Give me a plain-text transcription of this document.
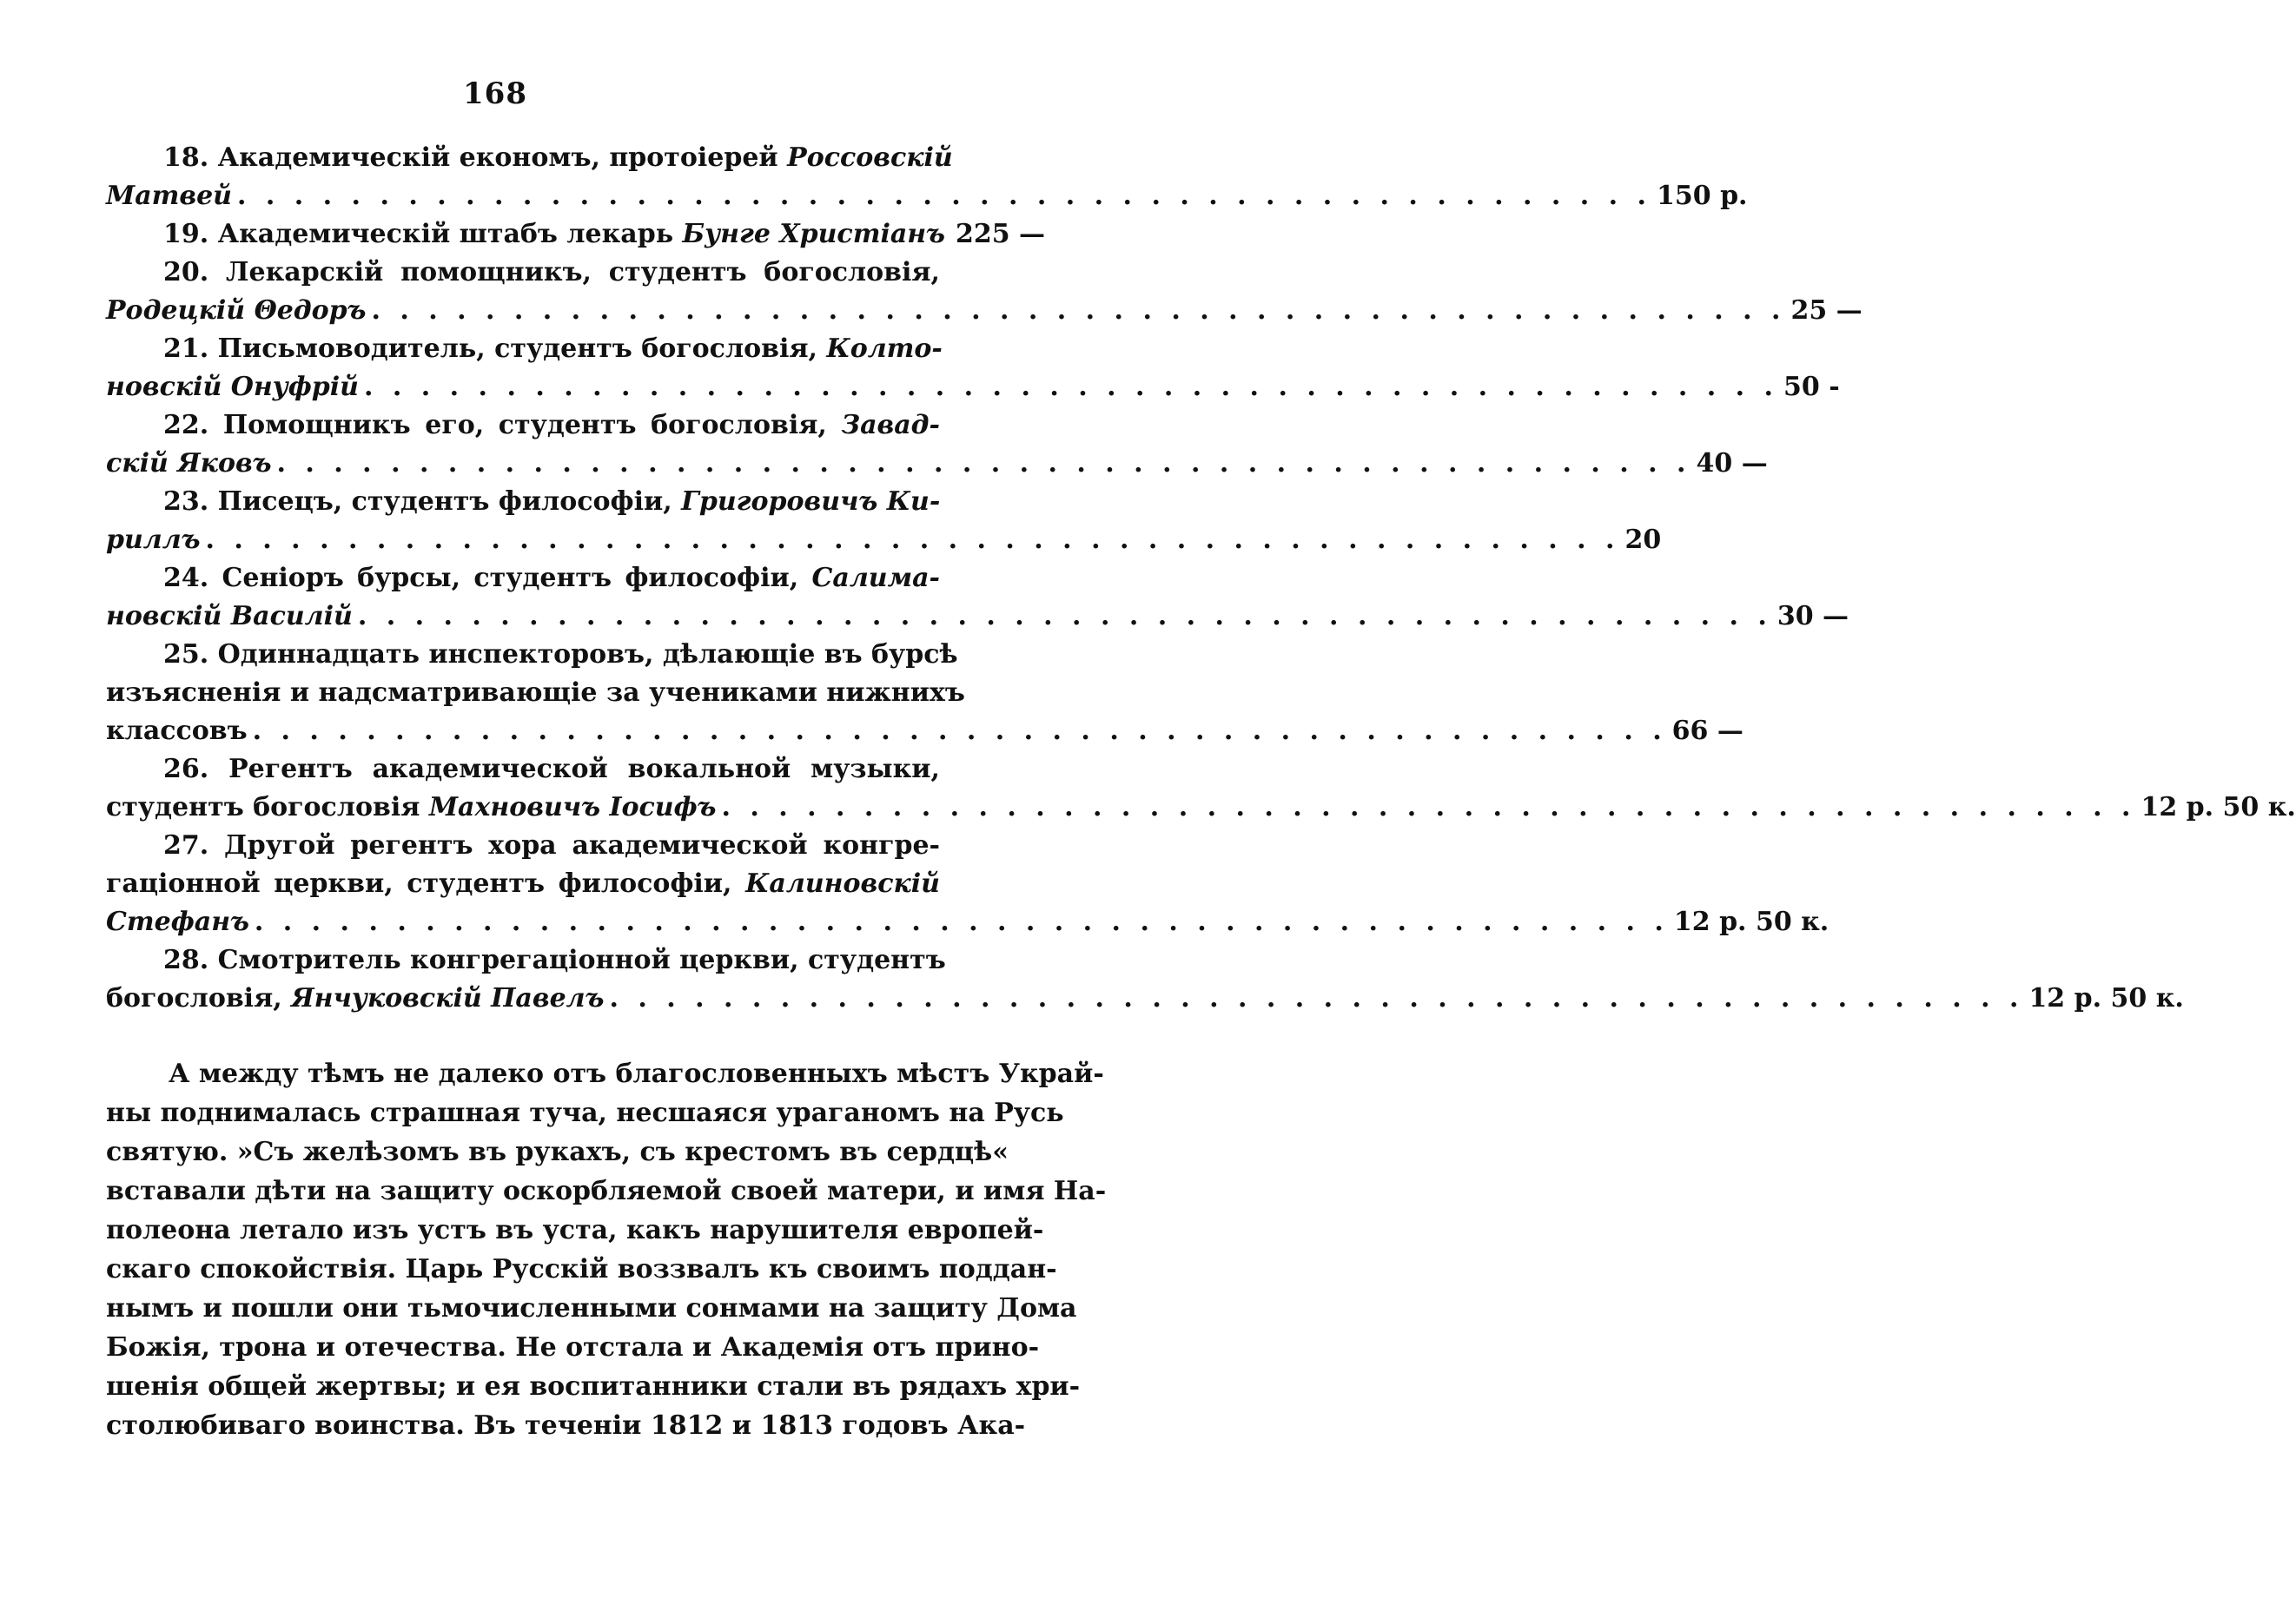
168
18. Академическій економъ, протоіерей Россовскій
Матвей . . .	150 р.
19. Академическій штабъ лекарь Бунге Христіанъ 225 —
20. Лекарскій помощникъ, студентъ богословія,
Родецкій Θедоръ . . .	25 —
21. Письмоводитель, студентъ богословія, Колто-
новскій Онуфрій . . .	50 -
22. Помощникъ его, студентъ богословія, Завад-
скій Яковъ . . .	40 —
23. Писецъ, студентъ философіи, Григоровичъ Ки-
риллъ . . .	20
24. Сеніоръ бурсы, студентъ философіи, Салима-
новскій Василій . . .	30 —
25. Одиннадцать инспекторовъ, дѣлающіе въ бурсѣ
изъясненія и надсматривающіе за учениками нижнихъ
классовъ . . .	66 —
26. Регентъ академической вокальной музыки,
студентъ богословія Махновичъ Іосифъ . . .	12 р. 50 к.
27. Другой регентъ хора академической конгре-
гаціонной церкви, студентъ философіи, Калиновскій
Стефанъ . . .	12 р. 50 к.
28. Смотритель конгрегаціонной церкви, студентъ
богословія, Янчуковскій Павелъ . . .	12 р. 50 к.
А между тѣмъ не далеко отъ благословенныхъ мѣстъ Украй-
ны поднималась страшная туча, несшаяся ураганомъ на Русь
святую. »Съ желѣзомъ въ рукахъ, съ крестомъ въ сердцѣ«
вставали дѣти на защиту оскорбляемой своей матери, и имя На-
полеона летало изъ устъ въ уста, какъ нарушителя европей-
скаго спокойствія. Царь Русскій воззвалъ къ своимъ поддан-
нымъ и пошли они тьмочисленными сонмами на защиту Дома
Божія, трона и отечества. Не отстала и Академія отъ прино-
шенія общей жертвы; и ея воспитанники стали въ рядахъ хри-
столюбиваго воинства. Въ теченіи 1812 и 1813 годовъ Ака-
